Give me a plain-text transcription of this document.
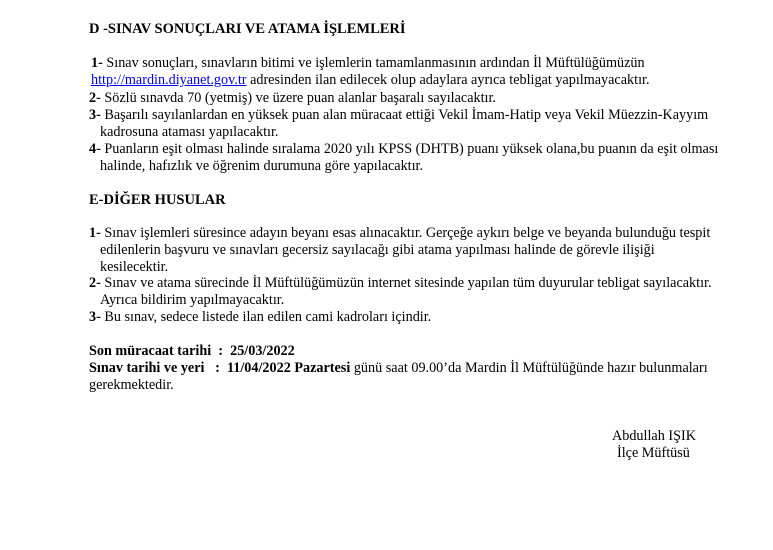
D -SINAV SONUÇLARI VE ATAMA İŞLEMLERİ
1- Sınav sonuçları, sınavların bitimi ve işlemlerin tamamlanmasının ardından İl Müftülüğümüzün
http://mardin.diyanet.gov.tr adresinden ilan edilecek olup adaylara ayrıca tebligat yapılmayacaktır.
2- Sözlü sınavda 70 (yetmiş) ve üzere puan alanlar başaralı sayılacaktır.
3- Başarılı sayılanlardan en yüksek puan alan müracaat ettiği Vekil İmam-Hatip veya Vekil Müezzin-Kayyım
kadrosuna ataması yapılacaktır.
4- Puanların eşit olması halinde sıralama 2020 yılı KPSS (DHTB) puanı yüksek olana,bu puanın da eşit olması
halinde, hafızlık ve öğrenim durumuna göre yapılacaktır.
E-DİĞER HUSULAR
1- Sınav işlemleri süresince adayın beyanı esas alınacaktır. Gerçeğe aykırı belge ve beyanda bulunduğu tespit
edilenlerin başvuru ve sınavları gecersiz sayılacağı gibi atama yapılması halinde de görevle ilişiği
kesilecektir.
2- Sınav ve atama sürecinde İl Müftülüğümüzün internet sitesinde yapılan tüm duyurular tebligat sayılacaktır.
Ayrıca bildirim yapılmayacaktır.
3- Bu sınav, sedece listede ilan edilen cami kadroları içindir.
Son müracaat tarihi  :  25/03/2022
Sınav tarihi ve yeri   :  11/04/2022 Pazartesi günü saat 09.00’da Mardin İl Müftülüğünde hazır bulunmaları
gerekmektedir.
Abdullah IŞIK
İlçe Müftüsü
